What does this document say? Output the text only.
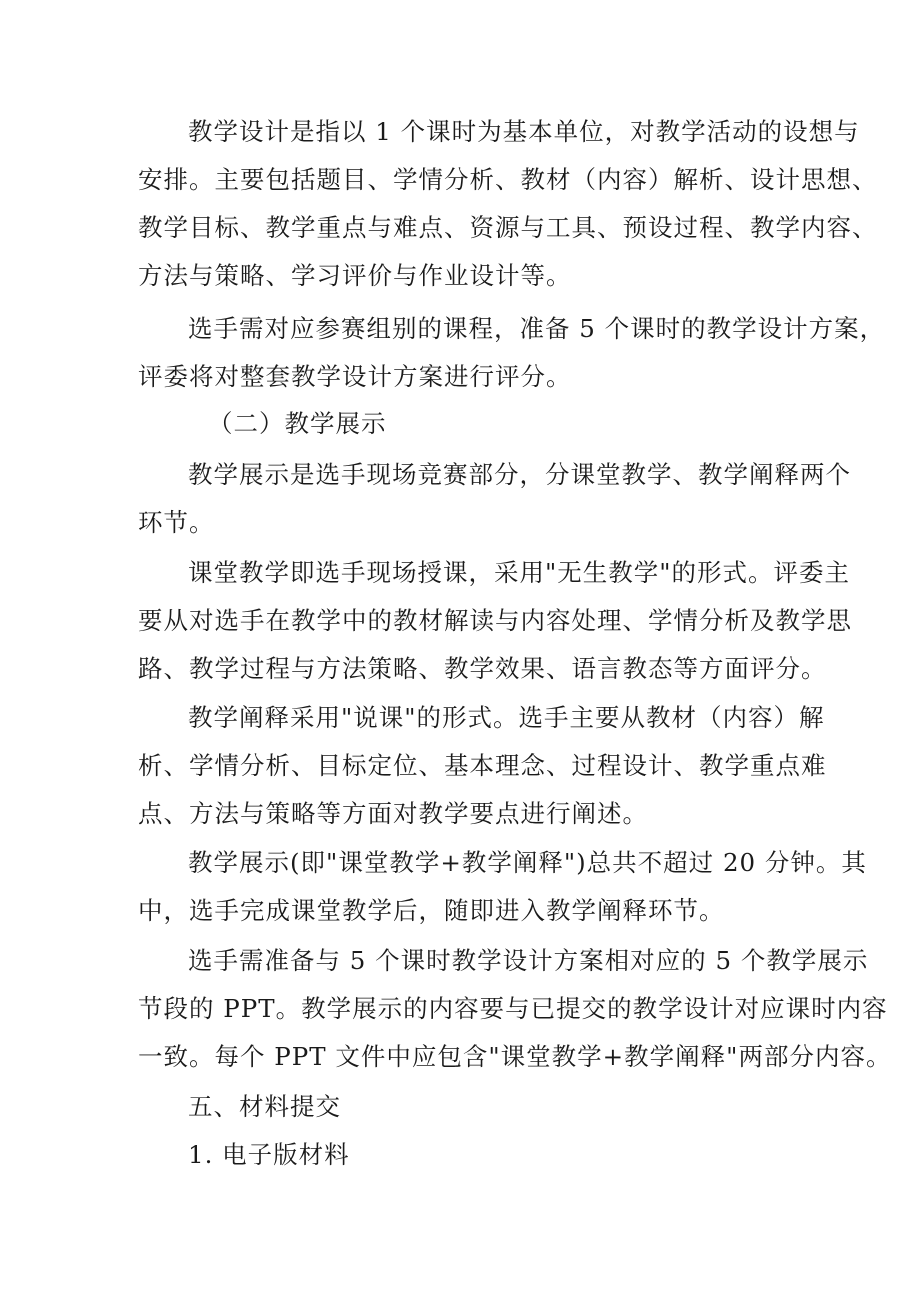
教学设计是指以 1 个课时为基本单位，对教学活动的设想与

安排。主要包括题目、学情分析、教材（内容）解析、设计思想、

教学目标、教学重点与难点、资源与工具、预设过程、教学内容、

方法与策略、学习评价与作业设计等。

选手需对应参赛组别的课程，准备 5 个课时的教学设计方案，

评委将对整套教学设计方案进行评分。

（二）教学展示

教学展示是选手现场竞赛部分，分课堂教学、教学阐释两个

环节。

课堂教学即选手现场授课，采用"无生教学"的形式。评委主

要从对选手在教学中的教材解读与内容处理、学情分析及教学思

路、教学过程与方法策略、教学效果、语言教态等方面评分。

教学阐释采用"说课"的形式。选手主要从教材（内容）解

析、学情分析、目标定位、基本理念、过程设计、教学重点难

点、方法与策略等方面对教学要点进行阐述。

教学展示(即"课堂教学+教学阐释")总共不超过 20 分钟。其

中，选手完成课堂教学后，随即进入教学阐释环节。

选手需准备与 5 个课时教学设计方案相对应的 5 个教学展示

节段的 PPT。教学展示的内容要与已提交的教学设计对应课时内容

一致。每个 PPT 文件中应包含"课堂教学+教学阐释"两部分内容。

五、材料提交

1. 电子版材料
